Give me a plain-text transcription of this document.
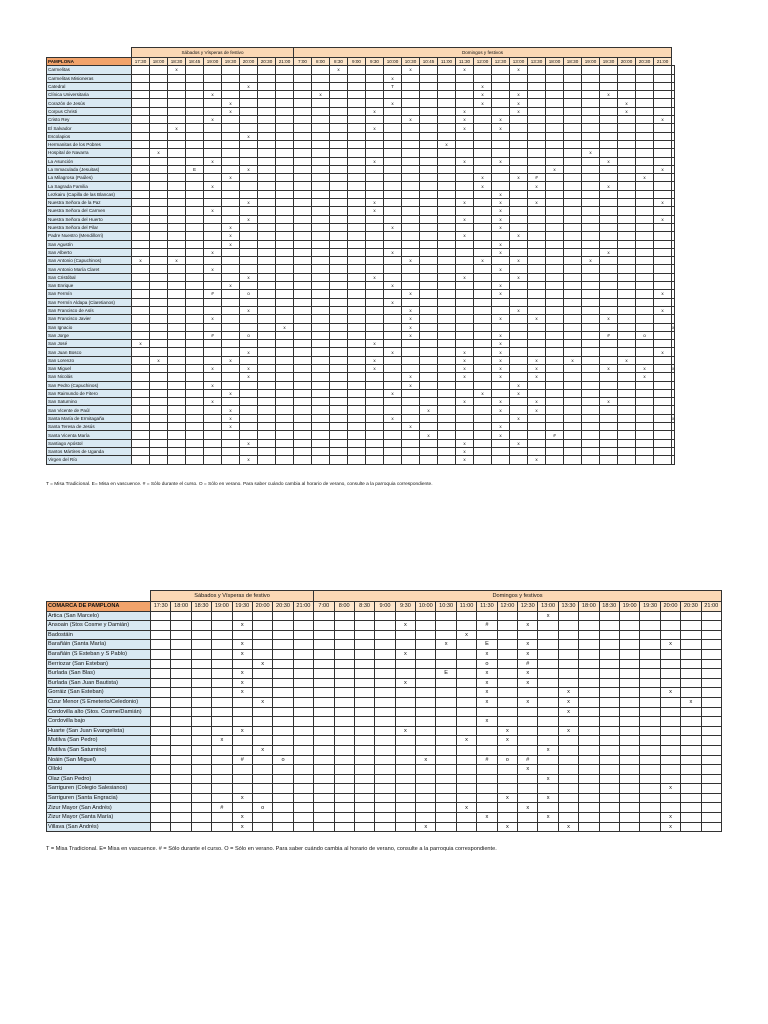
	Sábados y Vísperas de festivo									Domingos y festivos																					
PAMPLONA	17:30	18:00	18:30	18:45	19:00	19:30	20:00	20:30	21:00	7:00	8:00	8:30	9:00	9:30	10:00	10:30	10:45	11:00	11:30	12:00	12:30	13:00	13:30	18:00	18:30	19:00	19:30	20:00	20:30	21:00	
Carmelitas			x									x				x			x			x									
Carmelitas Misioneras															x																
Catedral							x								T					x											
Clínica Universitaria					x						x									x		x					x				
Corazón de Jesús						x									x					x		x						x			
Corpus Christi						x								x					x			x						x			
Cristo Rey					x											x			x		x									x	
El Salvador			x											x					x		x										
Escolapios							x																								
Hermanitas de los Pobres																		x													
Hospital de Navarra		x																								x					
La Asunción					x									x					x		x						x				
La Inmaculada (Jesuitas)				E			x																	x						x	
La Milagrosa (Paúles)						x														x		x	#						x		
La Sagrada Familia					x															x			x				x				
Lezkairu (Capilla de las Blancas)																					x										
Nuestra Señora de la Paz							x							x					x		x		x							x	
Nuestra Señora del Carmen					x									x							x										
Nuestra Señora del Huerto							x												x		x									x	
Nuestra Señora del Pilar						x									x						x										
Padre Nuestro (Mendillorri)						x													x			x									
San Agustín						x															x										
San Alberto					x										x						x						x				
San Antonio (Capuchinos)	x		x													x				x		x				x					
San Antonio María Claret					x																x										
San Cristóbal							x							x					x			x									
San Enrique						x									x						x										
San Fermín					#		o									x					x									x	
San Fermín Aldapa (Claretianos)															x																
San Francisco de Asís							x									x						x								x	
San Francisco Javier					x											x					x		x				x				
San Ignacio									x							x															x
San Jorge					#		o									x					x						#		o		
San José	x													x							x										
San Juan Bosco							x								x				x		x									x	
San Lorenzo		x				x								x					x		x		x		x			x			
San Miguel					x		x							x					x		x		x				x		x		x
San Nicolás							x									x			x		x		x						x		
San Pedro (Capuchinos)					x											x						x									
San Raimundo de Fitero						x									x					x		x									
San Saturnino					x														x		x		x				x				
San Vicente de Paúl						x											x				x		x								
Santa María de Ermitagaña						x									x							x									x
Santa Teresa de Jesús						x										x					x										
Santa Vicenta María																	x				x			#							
Santiago Apóstol							x												x			x									
Santos Mártires de Uganda																			x												
Virgen del Río							x												x				x								
T = Misa Tradicional. E= Misa en vascuence. # = Sólo durante el curso. O = Sólo en verano. Para saber cuándo cambia al horario de verano, consulte a la parroquia correspondiente.
	Sábados y Vísperas de festivo								Domingos y festivos																			
COMARCA DE PAMPLONA	17:30	18:00	18:30	19:00	19:30	20:00	20:30	21:00	7:00	8:00	8:30	9:00	9:30	10:00	10:30	11:00	11:30	12:00	12:30	13:00	13:30	18:00	18:30	19:00	19:30	20:00	20:30	21:00
Artica (San Marcelo)																				x								
Ansoain (Stos Cosme y Damián)					x								x				#		x									
Badostáin																x												
Barañáin (Santa María)					x										x		E		x							x		
Barañáin (S Esteban y S Pablo)					x								x				x		x									
Berriozar (San Esteban)						x											o		#									
Burlada (San Blas)					x										E		x		x									
Burlada (San Juan Bautista)					x								x				x		x									
Gorráiz (San Esteban)					x												x				x					x		
Cizur Menor (S Emeterio/Celedonio)						x											x		x		x						x	
Cordovilla alto (Stos. Cosme/Damián)																					x							
Cordovilla bajo																	x											
Huarte (San Juan Evangelista)					x								x					x			x							
Mutilva (San Pedro)				x												x		x										
Mutilva (San Saturnino)						x														x								
Noáin (San Miguel)					#		o							x			#	o	#									
Olloki																			x									
Olaz (San Pedro)																				x								
Sarriguren (Colegio Salesianos)																										x		
Sarriguren (Santa Engracia)					x													x		x								
Zizur Mayor (San Andrés)				#		o										x			x									
Zizur Mayor (Santa María)					x												x			x						x		
Villava (San Andrés)					x									x				x			x					x		
T = Misa Tradicional. E= Misa en vascuence. # = Sólo durante el curso. O = Sólo en verano. Para saber cuándo cambia al horario de verano, consulte a la parroquia correspondiente.
